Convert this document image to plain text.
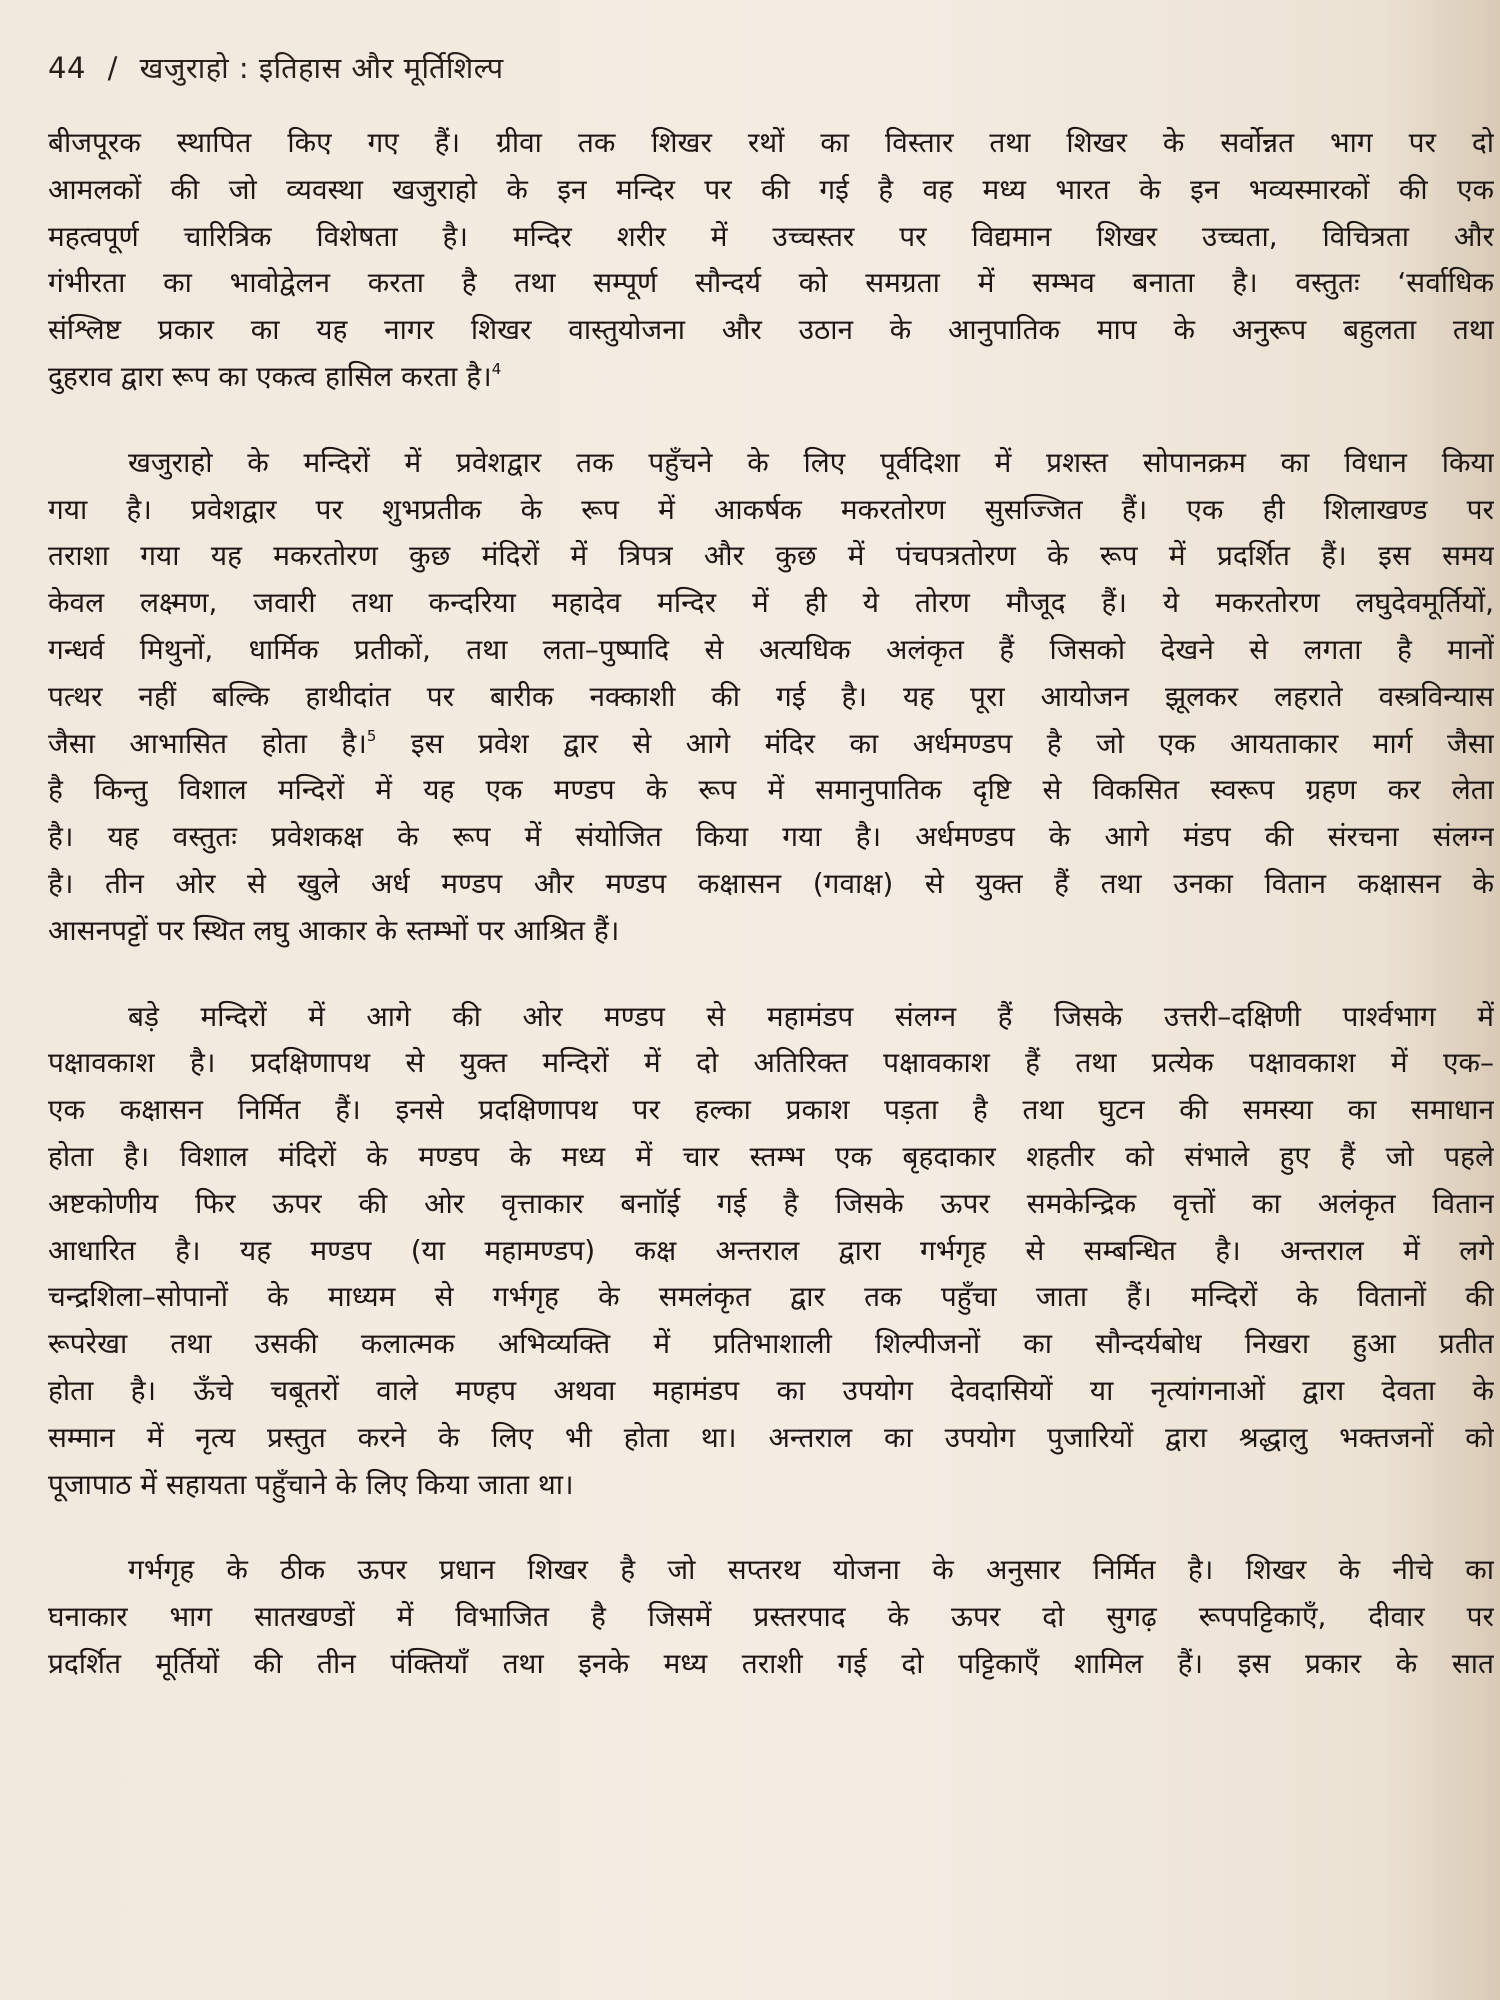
44 / खजुराहो : इतिहास और मूर्तिशिल्प
बीजपूरक स्थापित किए गए हैं। ग्रीवा तक शिखर रथों का विस्तार तथा शिखर के सर्वोन्नत भाग पर दो
आमलकों की जो व्यवस्था खजुराहो के इन मन्दिर पर की गई है वह मध्य भारत के इन भव्यस्मारकों की एक
महत्वपूर्ण चारित्रिक विशेषता है। मन्दिर शरीर में उच्चस्तर पर विद्यमान शिखर उच्चता, विचित्रता और
गंभीरता का भावोद्वेलन करता है तथा सम्पूर्ण सौन्दर्य को समग्रता में सम्भव बनाता है। वस्तुतः ‘सर्वाधिक
संश्लिष्ट प्रकार का यह नागर शिखर वास्तुयोजना और उठान के आनुपातिक माप के अनुरूप बहुलता तथा
दुहराव द्वारा रूप का एकत्व हासिल करता है।$^4$
खजुराहो के मन्दिरों में प्रवेशद्वार तक पहुँचने के लिए पूर्वदिशा में प्रशस्त सोपानक्रम का विधान किया
गया है। प्रवेशद्वार पर शुभप्रतीक के रूप में आकर्षक मकरतोरण सुसज्जित हैं। एक ही शिलाखण्ड पर
तराशा गया यह मकरतोरण कुछ मंदिरों में त्रिपत्र और कुछ में पंचपत्रतोरण के रूप में प्रदर्शित हैं। इस समय
केवल लक्ष्मण, जवारी तथा कन्दरिया महादेव मन्दिर में ही ये तोरण मौजूद हैं। ये मकरतोरण लघुदेवमूर्तियों,
गन्धर्व मिथुनों, धार्मिक प्रतीकों, तथा लता–पुष्पादि से अत्यधिक अलंकृत हैं जिसको देखने से लगता है मानों
पत्थर नहीं बल्कि हाथीदांत पर बारीक नक्काशी की गई है। यह पूरा आयोजन झूलकर लहराते वस्त्रविन्यास
जैसा आभासित होता है।$^5$ इस प्रवेश द्वार से आगे मंदिर का अर्धमण्डप है जो एक आयताकार मार्ग जैसा
है किन्तु विशाल मन्दिरों में यह एक मण्डप के रूप में समानुपातिक दृष्टि से विकसित स्वरूप ग्रहण कर लेता
है। यह वस्तुतः प्रवेशकक्ष के रूप में संयोजित किया गया है। अर्धमण्डप के आगे मंडप की संरचना संलग्न
है। तीन ओर से खुले अर्ध मण्डप और मण्डप कक्षासन (गवाक्ष) से युक्त हैं तथा उनका वितान कक्षासन के
आसनपट्टों पर स्थित लघु आकार के स्तम्भों पर आश्रित हैं।
बड़े मन्दिरों में आगे की ओर मण्डप से महामंडप संलग्न हैं जिसके उत्तरी–दक्षिणी पार्श्वभाग में
पक्षावकाश है। प्रदक्षिणापथ से युक्त मन्दिरों में दो अतिरिक्त पक्षावकाश हैं तथा प्रत्येक पक्षावकाश में एक–
एक कक्षासन निर्मित हैं। इनसे प्रदक्षिणापथ पर हल्का प्रकाश पड़ता है तथा घुटन की समस्या का समाधान
होता है। विशाल मंदिरों के मण्डप के मध्य में चार स्तम्भ एक बृहदाकार शहतीर को संभाले हुए हैं जो पहले
अष्टकोणीय फिर ऊपर की ओर वृत्ताकार बनाॉई गई है जिसके ऊपर समकेन्द्रिक वृत्तों का अलंकृत वितान
आधारित है। यह मण्डप (या महामण्डप) कक्ष अन्तराल द्वारा गर्भगृह से सम्बन्धित है। अन्तराल में लगे
चन्द्रशिला–सोपानों के माध्यम से गर्भगृह के समलंकृत द्वार तक पहुँचा जाता हैं। मन्दिरों के वितानों की
रूपरेखा तथा उसकी कलात्मक अभिव्यक्ति में प्रतिभाशाली शिल्पीजनों का सौन्दर्यबोध निखरा हुआ प्रतीत
होता है। ऊँचे चबूतरों वाले मण्हप अथवा महामंडप का उपयोग देवदासियों या नृत्यांगनाओं द्वारा देवता के
सम्मान में नृत्य प्रस्तुत करने के लिए भी होता था। अन्तराल का उपयोग पुजारियों द्वारा श्रद्धालु भक्तजनों को
पूजापाठ में सहायता पहुँचाने के लिए किया जाता था।
गर्भगृह के ठीक ऊपर प्रधान शिखर है जो सप्तरथ योजना के अनुसार निर्मित है। शिखर के नीचे का
घनाकार भाग सातखण्डों में विभाजित है जिसमें प्रस्तरपाद के ऊपर दो सुगढ़ रूपपट्टिकाएँ, दीवार पर
प्रदर्शित मूर्तियों की तीन पंक्तियाँ तथा इनके मध्य तराशी गई दो पट्टिकाएँ शामिल हैं। इस प्रकार के सात
